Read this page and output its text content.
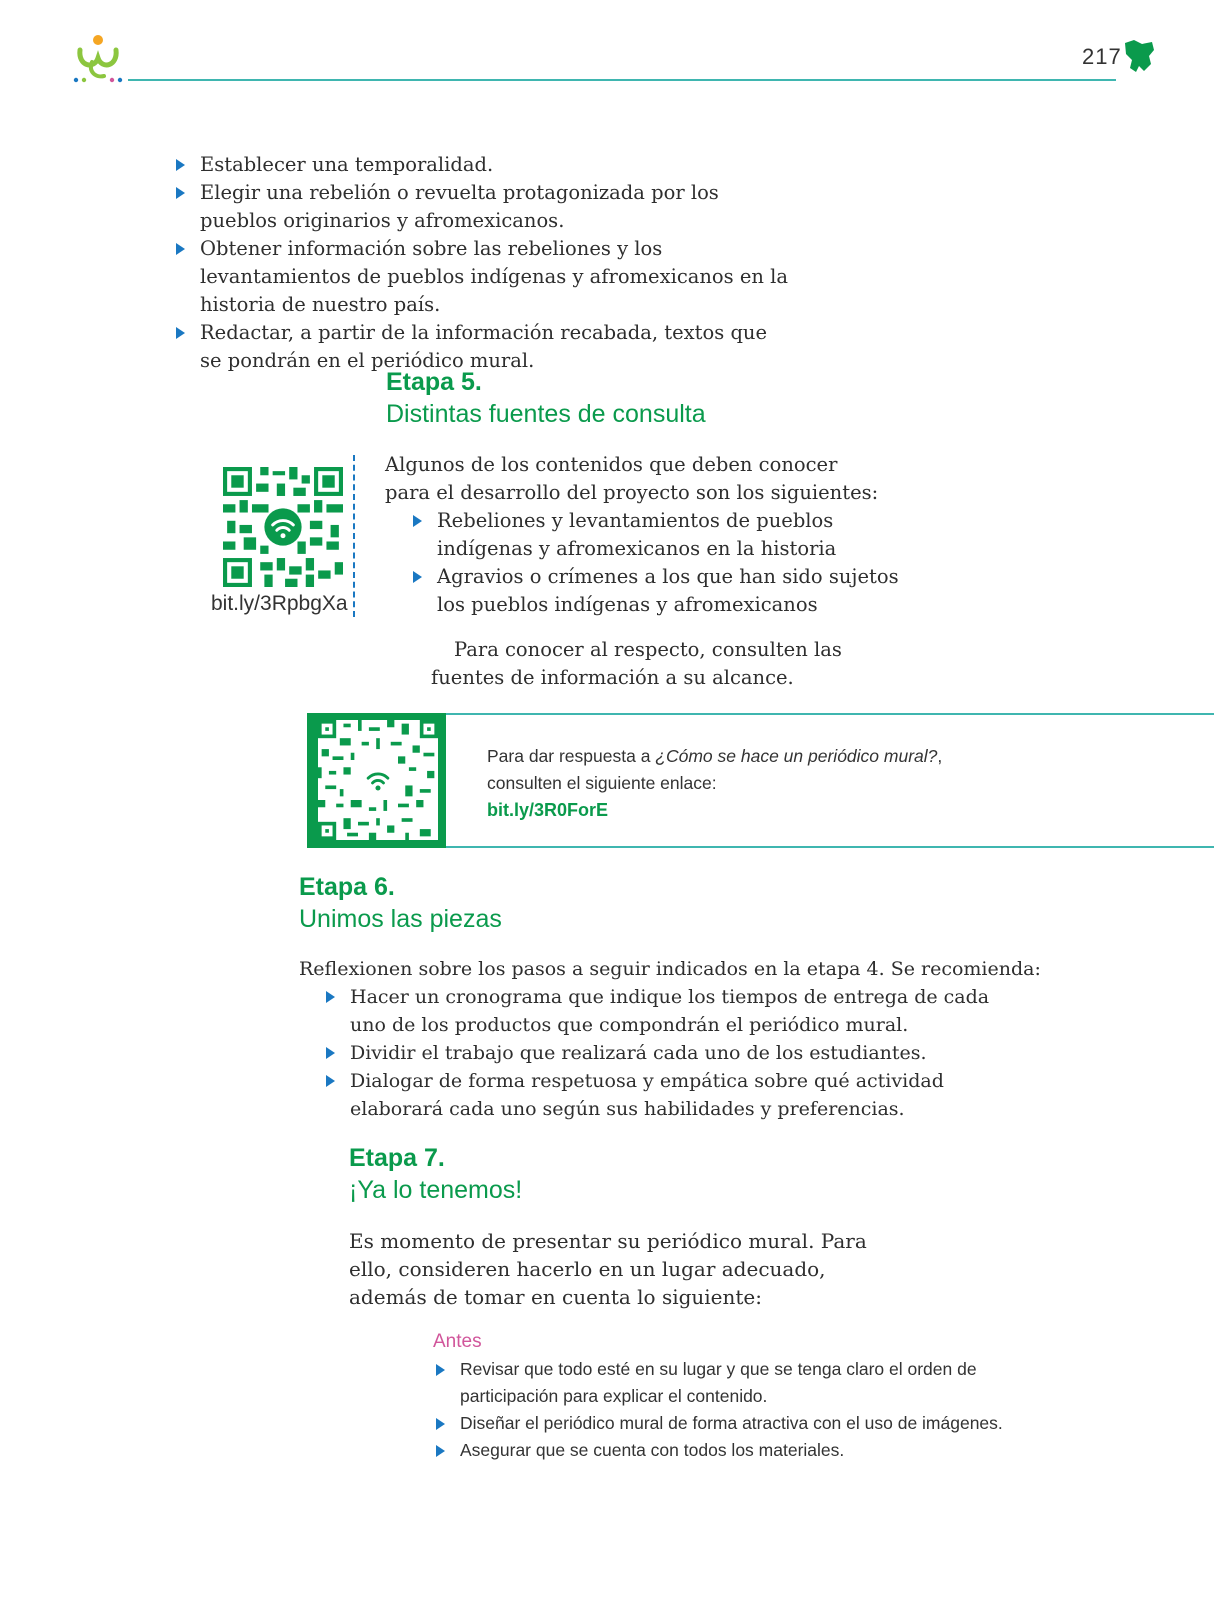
217
Establecer una temporalidad.
Elegir una rebelión o revuelta protagonizada por los pueblos originarios y afromexicanos.
Obtener información sobre las rebeliones y los levantamientos de pueblos indígenas y afromexicanos en la historia de nuestro país.
Redactar, a partir de la información recabada, textos que se pondrán en el periódico mural.
Etapa 5.
Distintas fuentes de consulta
bit.ly/3RpbgXa
Algunos de los contenidos que deben conocer para el desarrollo del proyecto son los siguientes:
Rebeliones y levantamientos de pueblos indígenas y afromexicanos en la historia
Agravios o crímenes a los que han sido sujetos los pueblos indígenas y afromexicanos
Para conocer al respecto, consulten las fuentes de información a su alcance.
Para dar respuesta a ¿Cómo se hace un periódico mural?,
consulten el siguiente enlace:
bit.ly/3R0ForE
Etapa 6.
Unimos las piezas
Reflexionen sobre los pasos a seguir indicados en la etapa 4. Se recomienda:
Hacer un cronograma que indique los tiempos de entrega de cada uno de los productos que compondrán el periódico mural.
Dividir el trabajo que realizará cada uno de los estudiantes.
Dialogar de forma respetuosa y empática sobre qué actividad elaborará cada uno según sus habilidades y preferencias.
Etapa 7.
¡Ya lo tenemos!
Es momento de presentar su periódico mural. Para ello, consideren hacerlo en un lugar adecuado, además de tomar en cuenta lo siguiente:
Antes
Revisar que todo esté en su lugar y que se tenga claro el orden de participación para explicar el contenido.
Diseñar el periódico mural de forma atractiva con el uso de imágenes.
Asegurar que se cuenta con todos los materiales.
